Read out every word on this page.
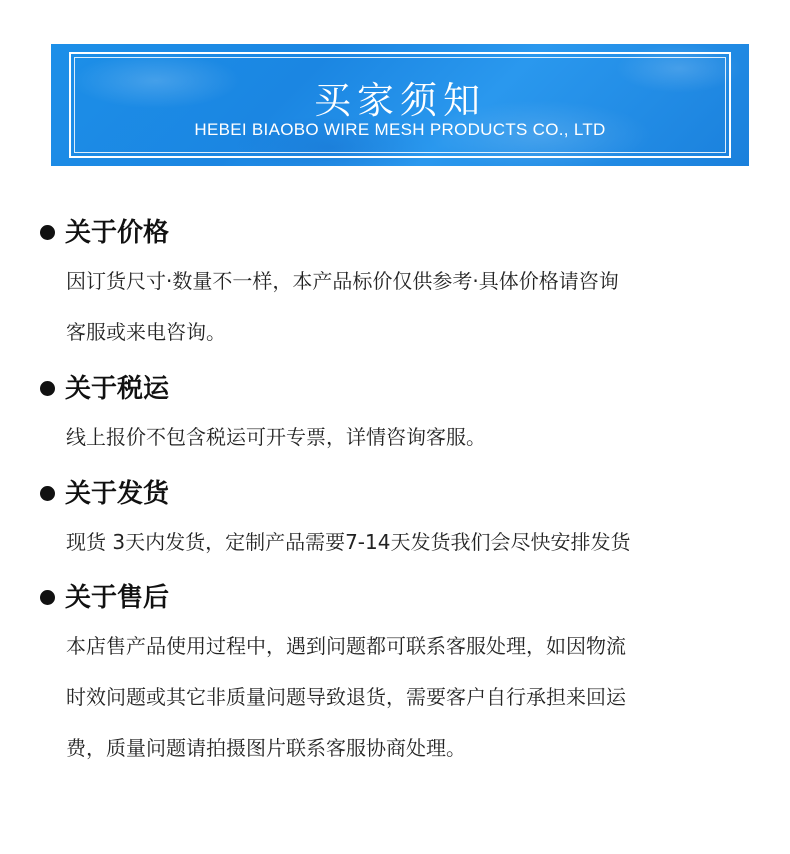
买家须知
HEBEI BIAOBO WIRE MESH PRODUCTS CO., LTD
关于价格
因订货尺寸·数量不一样，本产品标价仅供参考·具体价格请咨询
客服或来电咨询。
关于税运
线上报价不包含税运可开专票，详情咨询客服。
关于发货
现货 3天内发货，定制产品需要7-14天发货我们会尽快安排发货
关于售后
本店售产品使用过程中，遇到问题都可联系客服处理，如因物流
时效问题或其它非质量问题导致退货，需要客户自行承担来回运
费，质量问题请拍摄图片联系客服协商处理。
